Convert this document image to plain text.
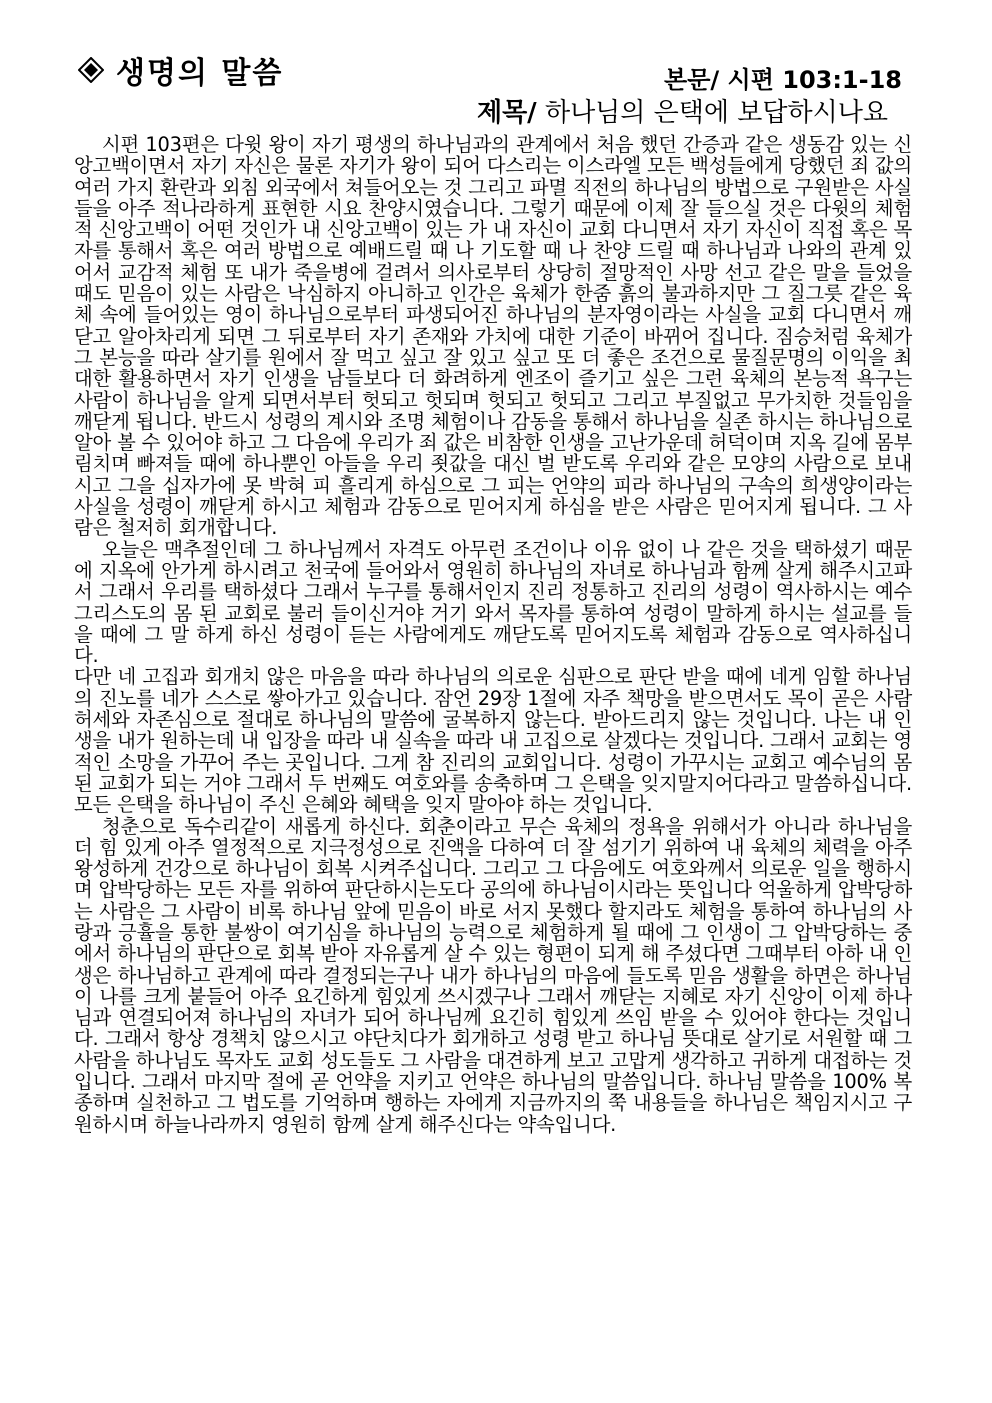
생명의 말씀	본문/ 시편 103:1-18
제목/ 하나님의 은택에 보답하시나요

시편 103편은 다윗 왕이 자기 평생의 하나님과의 관계에서 처음 했던 간증과 같은 생동감 있는 신앙고백이면서 자기 자신은 물론 자기가 왕이 되어 다스리는 이스라엘 모든 백성들에게 당했던 죄 값의 여러 가지 환란과 외침 외국에서 쳐들어오는 것 그리고 파멸 직전의 하나님의 방법으로 구원받은 사실들을 아주 적나라하게 표현한 시요 찬양시였습니다. 그렇기 때문에 이제 잘 들으실 것은 다윗의 체험적 신앙고백이 어떤 것인가 내 신앙고백이 있는 가 내 자신이 교회 다니면서 자기 자신이 직접 혹은 목자를 통해서 혹은 여러 방법으로 예배드릴 때 나 기도할 때 나 찬양 드릴 때 하나님과 나와의 관계 있어서 교감적 체험 또 내가 죽을병에 걸려서 의사로부터 상당히 절망적인 사망 선고 같은 말을 들었을 때도 믿음이 있는 사람은 낙심하지 아니하고 인간은 육체가 한줌 흙의 불과하지만 그 질그릇 같은 육체 속에 들어있는 영이 하나님으로부터 파생되어진 하나님의 분자영이라는 사실을 교회 다니면서 깨닫고 알아차리게 되면 그 뒤로부터 자기 존재와 가치에 대한 기준이 바뀌어 집니다. 짐승처럼 육체가 그 본능을 따라 살기를 원에서 잘 먹고 싶고 잘 있고 싶고 또 더 좋은 조건으로 물질문명의 이익을 최대한 활용하면서 자기 인생을 남들보다 더 화려하게 엔조이 즐기고 싶은 그런 육체의 본능적 욕구는 사람이 하나님을 알게 되면서부터 헛되고 헛되며 헛되고 헛되고 그리고 부질없고 무가치한 것들임을 깨닫게 됩니다. 반드시 성령의 계시와 조명 체험이나 감동을 통해서 하나님을 실존 하시는 하나님으로 알아 볼 수 있어야 하고 그 다음에 우리가 죄 값은 비참한 인생을 고난가운데 허덕이며 지옥 길에 몸부림치며 빠져들 때에 하나뿐인 아들을 우리 죗값을 대신 벌 받도록 우리와 같은 모양의 사람으로 보내시고 그을 십자가에 못 박혀 피 흘리게 하심으로 그 피는 언약의 피라 하나님의 구속의 희생양이라는 사실을 성령이 깨닫게 하시고 체험과 감동으로 믿어지게 하심을 받은 사람은 믿어지게 됩니다. 그 사람은 철저히 회개합니다.

오늘은 맥추절인데 그 하나님께서 자격도 아무런 조건이나 이유 없이 나 같은 것을 택하셨기 때문에 지옥에 안가게 하시려고 천국에 들어와서 영원히 하나님의 자녀로 하나님과 함께 살게 해주시고파서 그래서 우리를 택하셨다 그래서 누구를 통해서인지 진리 정통하고 진리의 성령이 역사하시는 예수 그리스도의 몸 된 교회로 불러 들이신거야 거기 와서 목자를 통하여 성령이 말하게 하시는 설교를 들을 때에 그 말 하게 하신 성령이 듣는 사람에게도 깨닫도록 믿어지도록 체험과 감동으로 역사하십니다.

다만 네 고집과 회개치 않은 마음을 따라 하나님의 의로운 심판으로 판단 받을 때에 네게 임할 하나님의 진노를 네가 스스로 쌓아가고 있습니다. 잠언 29장 1절에 자주 책망을 받으면서도 목이 곧은 사람 허세와 자존심으로 절대로 하나님의 말씀에 굴복하지 않는다. 받아드리지 않는 것입니다. 나는 내 인생을 내가 원하는데 내 입장을 따라 내 실속을 따라 내 고집으로 살겠다는 것입니다. 그래서 교회는 영적인 소망을 가꾸어 주는 곳입니다. 그게 참 진리의 교회입니다. 성령이 가꾸시는 교회고 예수님의 몸 된 교회가 되는 거야 그래서 두 번째도 여호와를 송축하며 그 은택을 잊지말지어다라고 말씀하십니다. 모든 은택을 하나님이 주신 은혜와 혜택을 잊지 말아야 하는 것입니다.

청춘으로 독수리같이 새롭게 하신다. 회춘이라고 무슨 육체의 정욕을 위해서가 아니라 하나님을 더 힘 있게 아주 열정적으로 지극정성으로 진액을 다하여 더 잘 섬기기 위하여 내 육체의 체력을 아주 왕성하게 건강으로 하나님이 회복 시켜주십니다. 그리고 그 다음에도 여호와께서 의로운 일을 행하시며 압박당하는 모든 자를 위하여 판단하시는도다 공의에 하나님이시라는 뜻입니다 억울하게 압박당하는 사람은 그 사람이 비록 하나님 앞에 믿음이 바로 서지 못했다 할지라도 체험을 통하여 하나님의 사랑과 긍휼을 통한 불쌍이 여기심을 하나님의 능력으로 체험하게 될 때에 그 인생이 그 압박당하는 중에서 하나님의 판단으로 회복 받아 자유롭게 살 수 있는 형편이 되게 해 주셨다면 그때부터 아하 내 인생은 하나님하고 관계에 따라 결정되는구나 내가 하나님의 마음에 들도록 믿음 생활을 하면은 하나님이 나를 크게 붙들어 아주 요긴하게 힘있게 쓰시겠구나 그래서 깨닫는 지혜로 자기 신앙이 이제 하나님과 연결되어져 하나님의 자녀가 되어 하나님께 요긴히 힘있게 쓰임 받을 수 있어야 한다는 것입니다. 그래서 항상 경책치 않으시고 야단치다가 회개하고 성령 받고 하나님 뜻대로 살기로 서원할 때 그 사람을 하나님도 목자도 교회 성도들도 그 사람을 대견하게 보고 고맙게 생각하고 귀하게 대접하는 것입니다. 그래서 마지막 절에 곧 언약을 지키고 언약은 하나님의 말씀입니다. 하나님 말씀을 100% 복종하며 실천하고 그 법도를 기억하며 행하는 자에게 지금까지의 쭉 내용들을 하나님은 책임지시고 구원하시며 하늘나라까지 영원히 함께 살게 해주신다는 약속입니다.
